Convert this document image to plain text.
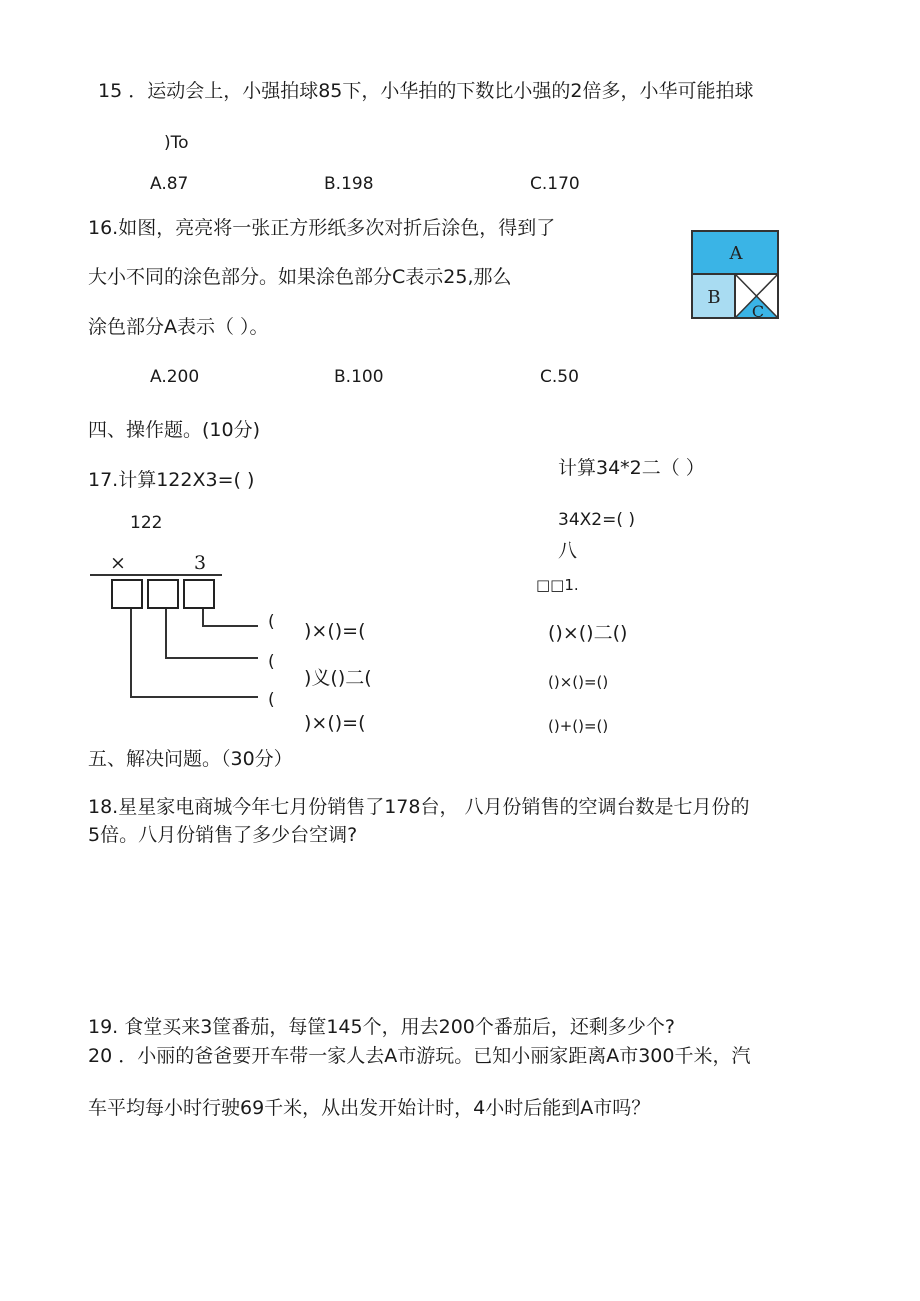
15 ．运动会上，小强拍球85下，小华拍的下数比小强的2倍多，小华可能拍球
)To
A.87	B.198	C.170
16.如图，亮亮将一张正方形纸多次对折后涂色，得到了
大小不同的涂色部分。如果涂色部分C表示25,那么
涂色部分A表示（ ）。
A
B
C
A.200	B.100	C.50
四、操作题。(10分)
17.计算122X3=( )
122
×	3
(
(
(
)×()=(
)义()二(
)×()=(
计算34*2二（ ）
34X2=( )
八
□□1.
()×()二()
()×()=()
()+()=()
五、解决问题。（30分）
18.星星家电商城今年七月份销售了178台， 八月份销售的空调台数是七月份的
5倍。八月份销售了多少台空调?
19. 食堂买来3筐番茄，每筐145个，用去200个番茄后，还剩多少个?
20 ．小丽的爸爸要开车带一家人去A市游玩。已知小丽家距离A市300千米，汽
车平均每小时行驶69千米，从出发开始计时，4小时后能到A市吗？
